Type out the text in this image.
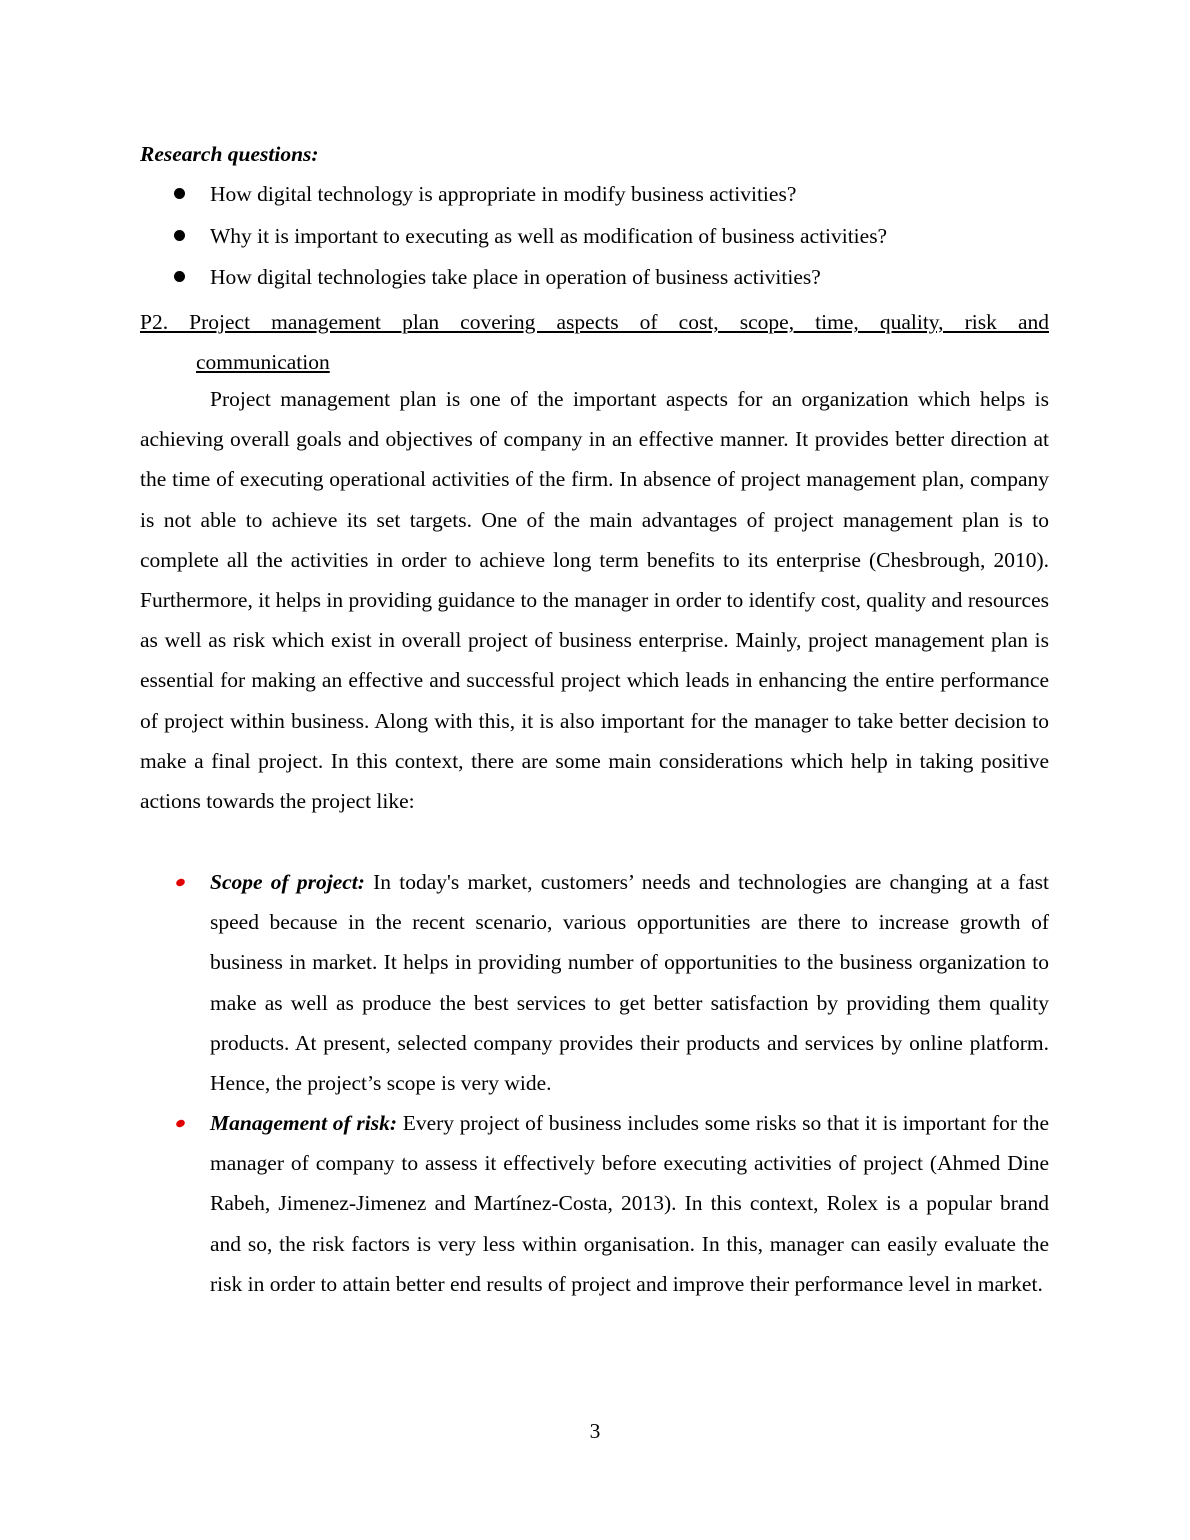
Research questions:

How digital technology is appropriate in modify business activities?
Why it is important to executing as well as modification of business activities?
How digital technologies take place in operation of business activities?
P2. Project management plan covering aspects of cost, scope, time, quality, risk and
communication

Project management plan is one of the important aspects for an organization which helps is achieving overall goals and objectives of company in an effective manner. It provides better direction at the time of executing operational activities of the firm. In absence of project management plan, company is not able to achieve its set targets. One of the main advantages of project management plan is to complete all the activities in order to achieve long term benefits to its enterprise (Chesbrough, 2010). Furthermore, it helps in providing guidance to the manager in order to identify cost, quality and resources as well as risk which exist in overall project of business enterprise. Mainly, project management plan is essential for making an effective and successful project which leads in enhancing the entire performance of project within business. Along with this, it is also important for the manager to take better decision to make a final project. In this context, there are some main considerations which help in taking positive actions towards the project like:

Scope of project: In today's market, customers’ needs and technologies are changing at a fast speed because in the recent scenario, various opportunities are there to increase growth of business in market. It helps in providing number of opportunities to the business organization to make as well as produce the best services to get better satisfaction by providing them quality products. At present, selected company provides their products and services by online platform. Hence, the project’s scope is very wide.

Management of risk: Every project of business includes some risks so that it is important for the manager of company to assess it effectively before executing activities of project (Ahmed Dine Rabeh, Jimenez-Jimenez and Martínez-Costa, 2013). In this context, Rolex is a popular brand and so, the risk factors is very less within organisation. In this, manager can easily evaluate the risk in order to attain better end results of project and improve their performance level in market.

3
